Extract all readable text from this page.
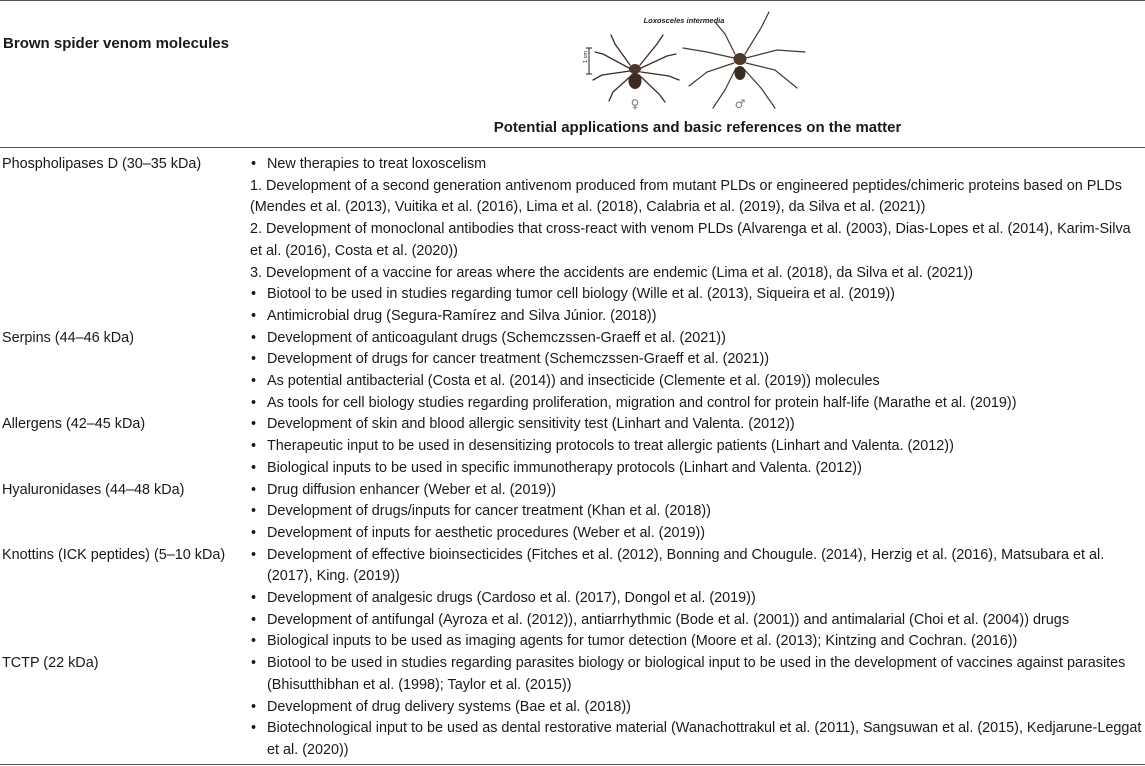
Brown spider venom molecules
Loxosceles intermedia
1 cm
♀	♂
Potential applications and basic references on the matter
Phospholipases D (30–35 kDa)	• New therapies to treat loxoscelism
1. Development of a second generation antivenom produced from mutant PLDs or engineered peptides/chimeric proteins based on PLDs (Mendes et al. (2013), Vuitika et al. (2016), Lima et al. (2018), Calabria et al. (2019), da Silva et al. (2021))
2. Development of monoclonal antibodies that cross-react with venom PLDs (Alvarenga et al. (2003), Dias-Lopes et al. (2014), Karim-Silva et al. (2016), Costa et al. (2020))
3. Development of a vaccine for areas where the accidents are endemic (Lima et al. (2018), da Silva et al. (2021))
• Biotool to be used in studies regarding tumor cell biology (Wille et al. (2013), Siqueira et al. (2019))
• Antimicrobial drug (Segura-Ramírez and Silva Júnior. (2018))
Serpins (44–46 kDa)	• Development of anticoagulant drugs (Schemczssen-Graeff et al. (2021))
• Development of drugs for cancer treatment (Schemczssen-Graeff et al. (2021))
• As potential antibacterial (Costa et al. (2014)) and insecticide (Clemente et al. (2019)) molecules
• As tools for cell biology studies regarding proliferation, migration and control for protein half-life (Marathe et al. (2019))
Allergens (42–45 kDa)	• Development of skin and blood allergic sensitivity test (Linhart and Valenta. (2012))
• Therapeutic input to be used in desensitizing protocols to treat allergic patients (Linhart and Valenta. (2012))
• Biological inputs to be used in specific immunotherapy protocols (Linhart and Valenta. (2012))
Hyaluronidases (44–48 kDa)	• Drug diffusion enhancer (Weber et al. (2019))
• Development of drugs/inputs for cancer treatment (Khan et al. (2018))
• Development of inputs for aesthetic procedures (Weber et al. (2019))
Knottins (ICK peptides) (5–10 kDa)	• Development of effective bioinsecticides (Fitches et al. (2012), Bonning and Chougule. (2014), Herzig et al. (2016), Matsubara et al. (2017), King. (2019))
• Development of analgesic drugs (Cardoso et al. (2017), Dongol et al. (2019))
• Development of antifungal (Ayroza et al. (2012)), antiarrhythmic (Bode et al. (2001)) and antimalarial (Choi et al. (2004)) drugs
• Biological inputs to be used as imaging agents for tumor detection (Moore et al. (2013); Kintzing and Cochran. (2016))
TCTP (22 kDa)	• Biotool to be used in studies regarding parasites biology or biological input to be used in the development of vaccines against parasites (Bhisutthibhan et al. (1998); Taylor et al. (2015))
• Development of drug delivery systems (Bae et al. (2018))
• Biotechnological input to be used as dental restorative material (Wanachottrakul et al. (2011), Sangsuwan et al. (2015), Kedjarune-Leggat et al. (2020))
